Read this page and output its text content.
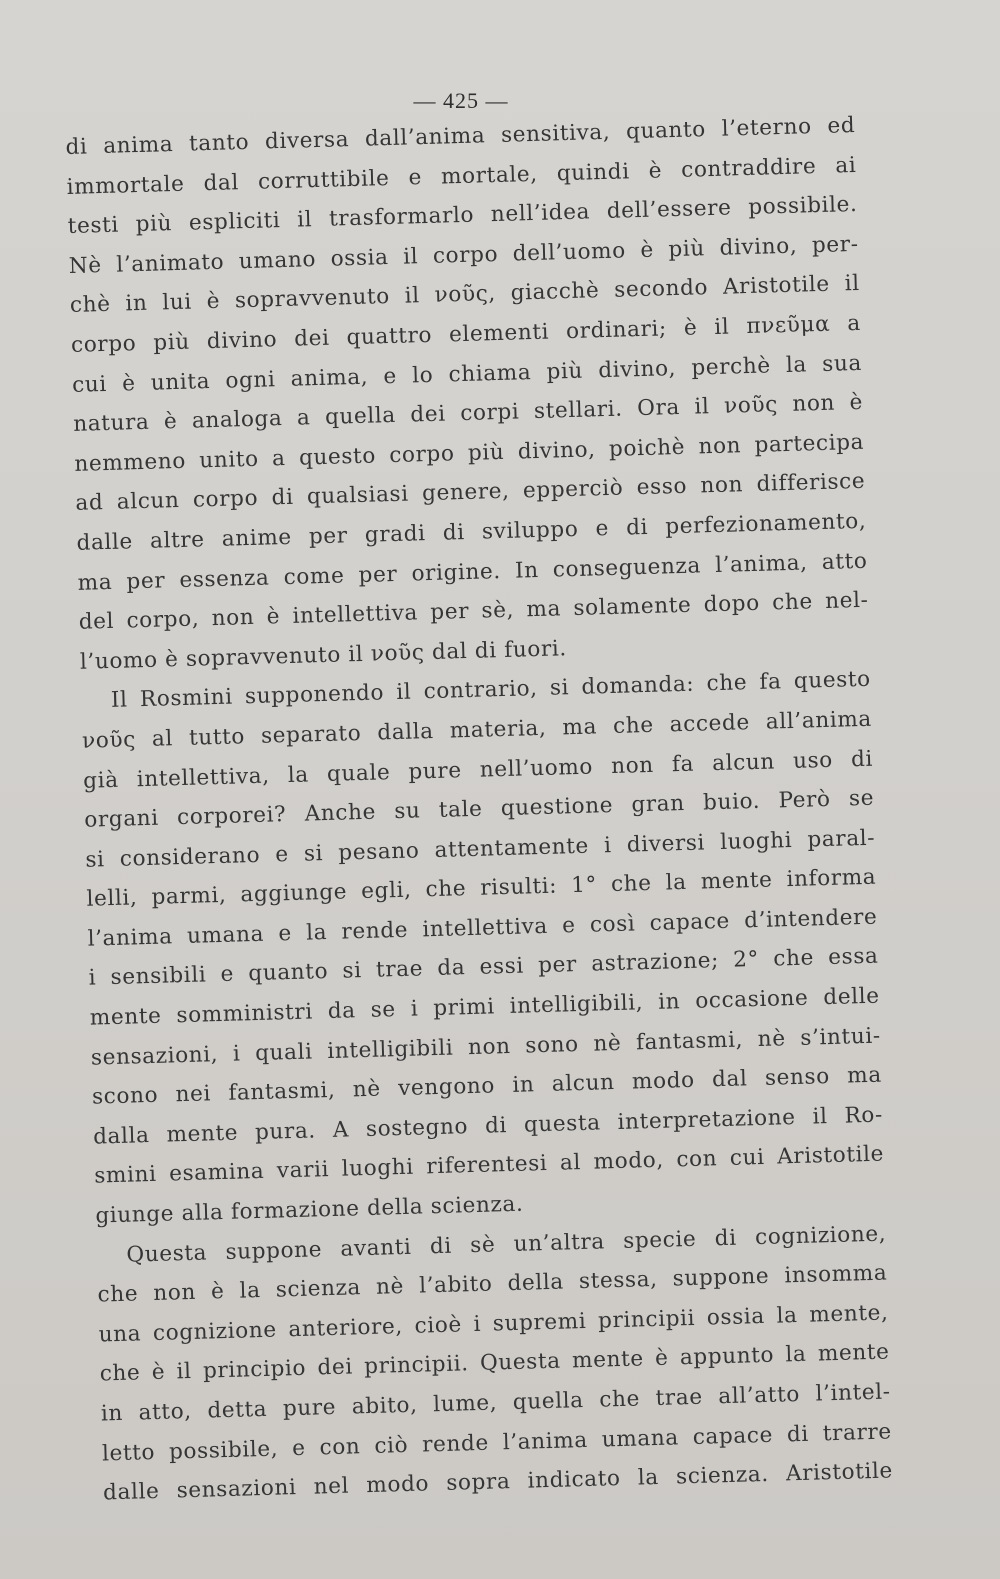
— 425 —
di anima tanto diversa dall’anima sensitiva, quanto l’eterno ed
immortale dal corruttibile e mortale, quindi è contraddire ai
testi più espliciti il trasformarlo nell’idea dell’essere possibile.
Nè l’animato umano ossia il corpo dell’uomo è più divino, per-
chè in lui è sopravvenuto il νοῦς, giacchè secondo Aristotile il
corpo più divino dei quattro elementi ordinari; è il πνεῦμα a
cui è unita ogni anima, e lo chiama più divino, perchè la sua
natura è analoga a quella dei corpi stellari. Ora il νοῦς non è
nemmeno unito a questo corpo più divino, poichè non partecipa
ad alcun corpo di qualsiasi genere, epperciò esso non differisce
dalle altre anime per gradi di sviluppo e di perfezionamento,
ma per essenza come per origine. In conseguenza l’anima, atto
del corpo, non è intellettiva per sè, ma solamente dopo che nel-
l’uomo è sopravvenuto il νοῦς dal di fuori.
Il Rosmini supponendo il contrario, si domanda: che fa questo
νοῦς al tutto separato dalla materia, ma che accede all’anima
già intellettiva, la quale pure nell’uomo non fa alcun uso di
organi corporei? Anche su tale questione gran buio. Però se
si considerano e si pesano attentamente i diversi luoghi paral-
lelli, parmi, aggiunge egli, che risulti: 1° che la mente informa
l’anima umana e la rende intellettiva e così capace d’intendere
i sensibili e quanto si trae da essi per astrazione; 2° che essa
mente somministri da se i primi intelligibili, in occasione delle
sensazioni, i quali intelligibili non sono nè fantasmi, nè s’intui-
scono nei fantasmi, nè vengono in alcun modo dal senso ma
dalla mente pura. A sostegno di questa interpretazione il Ro-
smini esamina varii luoghi riferentesi al modo, con cui Aristotile
giunge alla formazione della scienza.
Questa suppone avanti di sè un’altra specie di cognizione,
che non è la scienza nè l’abito della stessa, suppone insomma
una cognizione anteriore, cioè i supremi principii ossia la mente,
che è il principio dei principii. Questa mente è appunto la mente
in atto, detta pure abito, lume, quella che trae all’atto l’intel-
letto possibile, e con ciò rende l’anima umana capace di trarre
dalle sensazioni nel modo sopra indicato la scienza. Aristotile
